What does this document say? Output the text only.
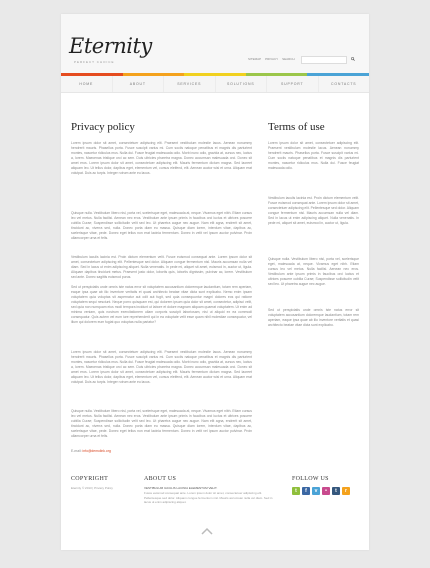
Eternity
PERFECT CHOICE
SITEMAP PRIVACY SEARCH
HOME	ABOUT	SERVICES	SOLUTIONS	SUPPORT	CONTACTS
Privacy policy
Lorem ipsum dolor sit amet, consectetuer adipiscing elit. Praesent vestibulum molestie lacus. Aenean nonummy hendrerit mauris. Phasellus porta. Fusce suscipit varius mi. Cum sociis natoque penatibus et magnis dis parturient montes, nascetur ridiculus mus. Nulla dui. Fusce feugiat malesuada odio. Morbi nunc odio, gravida at, cursus nec, luctus a, lorem. Maecenas tristique orci ac sem. Duis ultricies pharetra magna. Donec accumsan malesuada orci. Donec sit amet eros. Lorem ipsum dolor sit amet, consectetuer adipiscing elit. Mauris fermentum dictum magna. Sed laoreet aliquam leo. Ut tellus dolor, dapibus eget, elementum vel, cursus eleifend, elit. Aenean auctor wisi et urna. Aliquam erat volutpat. Duis ac turpis. Integer rutrum ante eu lacus.
Quisque nulla. Vestibulum libero nisl, porta vel, scelerisque eget, malesuada at, neque. Vivamus eget nibh. Etiam cursus leo vel metus. Nulla facilisi. Aenean nec eros. Vestibulum ante ipsum primis in faucibus orci luctus et ultrices posuere cubilia Curae; Suspendisse sollicitudin velit sed leo. Ut pharetra augue nec augue. Nam elit agna, endrerit sit amet, tincidunt ac, viverra sed, nulla. Donec porta diam eu massa. Quisque diam lorem, interdum vitae, dapibus ac, scelerisque vitae, pede. Donec eget tellus non erat lacinia fermentum. Donec in velit vel ipsum auctor pulvinar. Proin ullamcorper urna et felis.
Vestibulum iaculis lacinia est. Proin dictum elementum velit. Fusce euismod consequat ante. Lorem ipsum dolor sit amet, consectetuer adipiscing elit. Pellentesque sed dolor. Aliquam congue fermentum nisl. Mauris accumsan nulla vel diam. Sed in lacus ut enim adipiscing aliquet. Nulla venenatis. In pede mi, aliquet sit amet, euismod in, auctor ut, ligula. Aliquam dapibus tincidunt metus. Praesent justo dolor, lobortis quis, lobortis dignissim, pulvinar ac, lorem. Vestibulum sed ante. Donec sagittis euismod purus.
Sed ut perspiciatis unde omnis iste natus error sit voluptatem accusantium doloremque laudantium, totam rem aperiam, eaque ipsa quae ab illo inventore veritatis et quasi architecto beatae vitae dicta sunt explicabo. Nemo enim ipsam voluptatem quia voluptas sit aspernatur aut odit aut fugit, sed quia consequuntur magni dolores eos qui ratione voluptatem sequi nesciunt. Neque porro quisquam est, qui dolorem ipsum quia dolor sit amet, consectetur, adipisci velit, sed quia non numquam eius modi tempora incidunt ut labore et dolore magnam aliquam quaerat voluptatem. Ut enim ad minima veniam, quis nostrum exercitationem ullam corporis suscipit laboriosam, nisi ut aliquid ex ea commodi consequatur. Quis autem vel eum iure reprehenderit qui in ea voluptate velit esse quam nihil molestiae consequatur, vel illum qui dolorem eum fugiat quo voluptas nulla pariatur?
Lorem ipsum dolor sit amet, consectetuer adipiscing elit. Praesent vestibulum molestie lacus. Aenean nonummy hendrerit mauris. Phasellus porta. Fusce suscipit varius mi. Cum sociis natoque penatibus et magnis dis parturient montes, nascetur ridiculus mus. Nulla dui. Fusce feugiat malesuada odio. Morbi nunc odio, gravida at, cursus nec, luctus a, lorem. Maecenas tristique orci ac sem. Duis ultricies pharetra magna. Donec accumsan malesuada orci. Donec sit amet eros. Lorem ipsum dolor sit amet, consectetuer adipiscing elit. Mauris fermentum dictum magna. Sed laoreet aliquam leo. Ut tellus dolor, dapibus eget, elementum vel, cursus eleifend, elit. Aenean auctor wisi et urna. Aliquam erat volutpat. Duis ac turpis. Integer rutrum ante eu lacus.
Quisque nulla. Vestibulum libero nisl, porta vel, scelerisque eget, malesuada at, neque. Vivamus eget nibh. Etiam cursus leo vel metus. Nulla facilisi. Aenean nec eros. Vestibulum ante ipsum primis in faucibus orci luctus et ultrices posuere cubilia Curae; Suspendisse sollicitudin velit sed leo. Ut pharetra augue nec augue. Nam elit agna, endrerit sit amet, tincidunt ac, viverra sed, nulla. Donec porta diam eu massa. Quisque diam lorem, interdum vitae, dapibus ac, scelerisque vitae, pede. Donec eget tellus non erat lacinia fermentum. Donec in velit vel ipsum auctor pulvinar. Proin ullamcorper urna et felis.
E-mail: info@demolink.org
Terms of use
Lorem ipsum dolor sit amet, consectetuer adipiscing elit. Praesent vestibulum molestie lacus. Aenean nonummy hendrerit mauris. Phasellus porta. Fusce suscipit varius mi. Cum sociis natoque penatibus et magnis dis parturient montes, nascetur ridiculus mus. Nulla dui. Fusce feugiat malesuada odio.
Vestibulum iaculis lacinia est. Proin dictum elementum velit. Fusce euismod consequat ante. Lorem ipsum dolor sit amet, consectetuer adipiscing elit. Pellentesque sed dolor. Aliquam congue fermentum nisl. Mauris accumsan nulla vel diam. Sed in lacus ut enim adipiscing aliquet. Nulla venenatis. In pede mi, aliquet sit amet, euismod in, auctor ut, ligula.
Quisque nulla. Vestibulum libero nisl, porta vel, scelerisque eget, malesuada at, neque. Vivamus eget nibh. Etiam cursus leo vel metus. Nulla facilisi. Aenean nec eros. Vestibulum ante ipsum primis in faucibus orci luctus et ultrices posuere cubilia Curae; Suspendisse sollicitudin velit sed leo. Ut pharetra augue nec augue.
Sed ut perspiciatis unde omnis iste natus error sit voluptatem accusantium doloremque laudantium, totam rem aperiam, eaque ipsa quae ab illo inventore veritatis et quasi architecto beatae vitae dicta sunt explicabo.
COPYRIGHT
Eternity © 2013 | Privacy Policy
ABOUT US
VESTIBULUM IACULIS LACINIA ELEMENTUM VELIT.
Fusce euismod consequat ante. Lorem ipsum dolor sit amet, consectetuer adipiscing elit. Pellentesque sed dolor. Aliquam congue fermentum nisl. Mauris accumsan nulla vel diam. Sed in lacus ut enim adipiscing aliquet.
FOLLOW US
t	f	v	•	t	r
